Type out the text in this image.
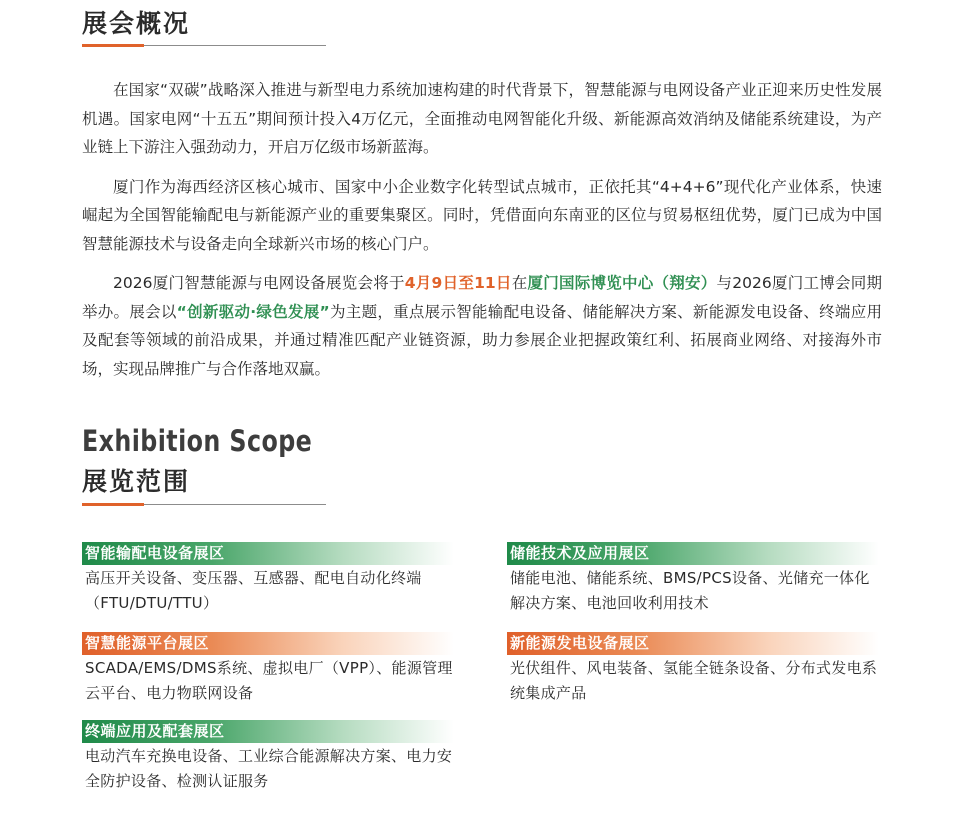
展会概况

在国家“双碳”战略深入推进与新型电力系统加速构建的时代背景下，智慧能源与电网设备产业正迎来历史性发展机遇。国家电网“十五五”期间预计投入4万亿元，全面推动电网智能化升级、新能源高效消纳及储能系统建设，为产业链上下游注入强劲动力，开启万亿级市场新蓝海。

厦门作为海西经济区核心城市、国家中小企业数字化转型试点城市，正依托其“4+4+6”现代化产业体系，快速崛起为全国智能输配电与新能源产业的重要集聚区。同时，凭借面向东南亚的区位与贸易枢纽优势，厦门已成为中国智慧能源技术与设备走向全球新兴市场的核心门户。

2026厦门智慧能源与电网设备展览会将于4月9日至11日在厦门国际博览中心（翔安）与2026厦门工博会同期举办。展会以“创新驱动·绿色发展”为主题，重点展示智能输配电设备、储能解决方案、新能源发电设备、终端应用及配套等领域的前沿成果，并通过精准匹配产业链资源，助力参展企业把握政策红利、拓展商业网络、对接海外市场，实现品牌推广与合作落地双赢。

Exhibition Scope
展览范围
智能输配电设备展区
高压开关设备、变压器、互感器、配电自动化终端（FTU/DTU/TTU）
储能技术及应用展区
储能电池、储能系统、BMS/PCS设备、光储充一体化解决方案、电池回收利用技术
智慧能源平台展区
SCADA/EMS/DMS系统、虚拟电厂（VPP）、能源管理云平台、电力物联网设备
新能源发电设备展区
光伏组件、风电装备、氢能全链条设备、分布式发电系统集成产品
终端应用及配套展区
电动汽车充换电设备、工业综合能源解决方案、电力安全防护设备、检测认证服务
